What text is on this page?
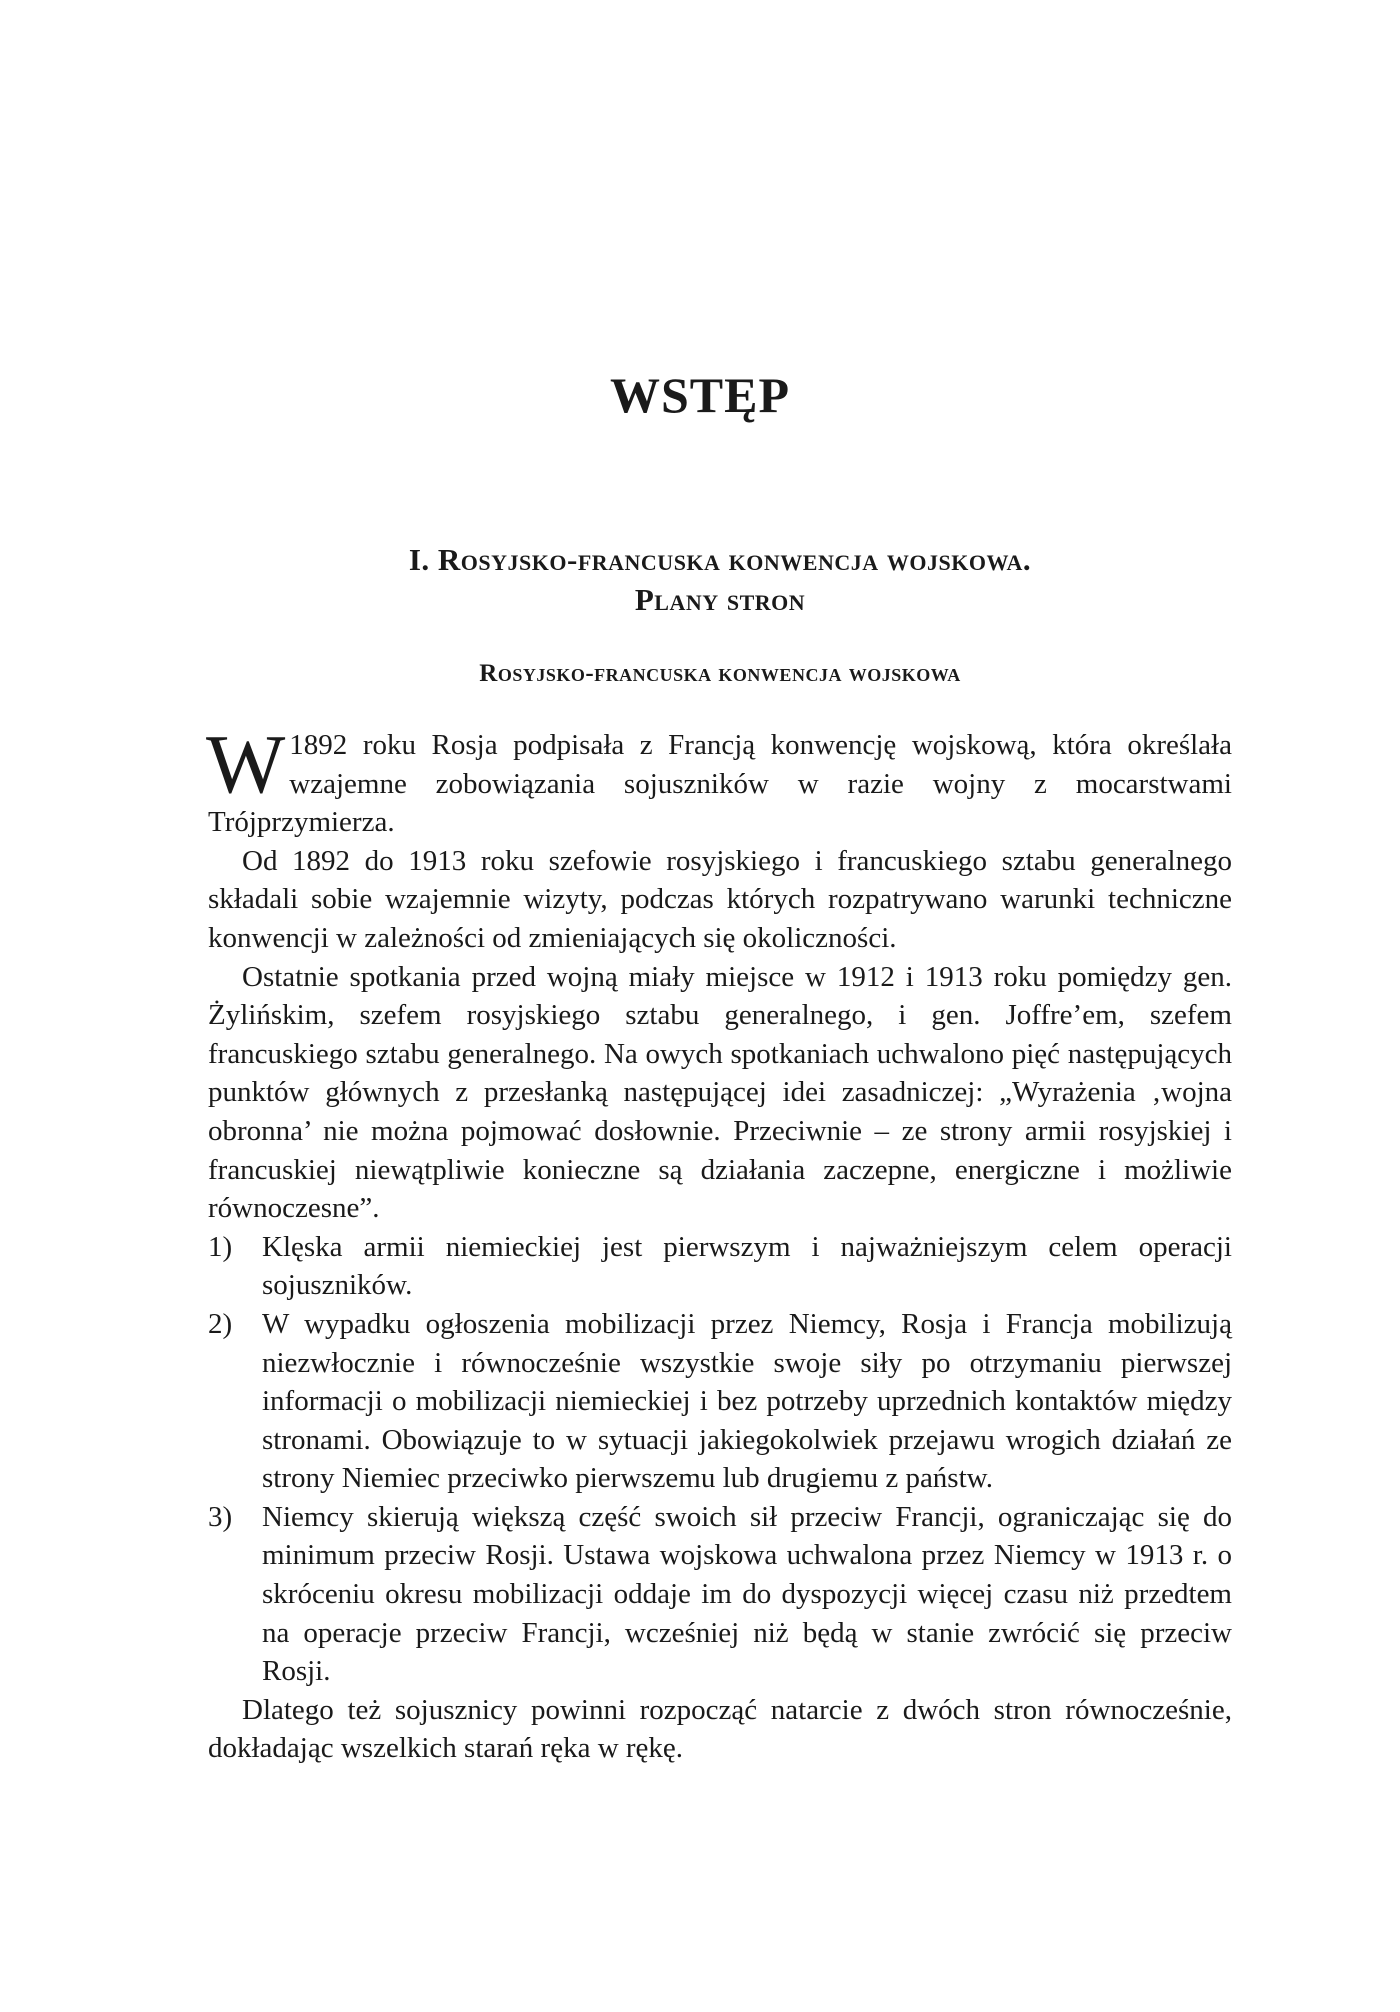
WSTĘP
I. Rosyjsko-francuska konwencja wojskowa.
Plany stron
Rosyjsko-francuska konwencja wojskowa

W 1892 roku Rosja podpisała z Francją konwencję wojskową, która określała wzajemne zobowiązania sojuszników w razie wojny z mocarstwami Trójprzymierza.

Od 1892 do 1913 roku szefowie rosyjskiego i francuskiego sztabu generalnego składali sobie wzajemnie wizyty, podczas których rozpatrywano warunki techniczne konwencji w zależności od zmieniających się okoliczności.

Ostatnie spotkania przed wojną miały miejsce w 1912 i 1913 roku pomiędzy gen. Żylińskim, szefem rosyjskiego sztabu generalnego, i gen. Joffre’em, szefem francuskiego sztabu generalnego. Na owych spotkaniach uchwalono pięć następujących punktów głównych z przesłanką następującej idei zasadniczej: „Wyrażenia ‚wojna obronna’ nie można pojmować dosłownie. Przeciwnie – ze strony armii rosyjskiej i francuskiej niewątpliwie konieczne są działania zaczepne, energiczne i możliwie równoczesne”.

1) Klęska armii niemieckiej jest pierwszym i najważniejszym celem operacji sojuszników.
2) W wypadku ogłoszenia mobilizacji przez Niemcy, Rosja i Francja mobilizują niezwłocznie i równocześnie wszystkie swoje siły po otrzymaniu pierwszej informacji o mobilizacji niemieckiej i bez potrzeby uprzednich kontaktów między stronami. Obowiązuje to w sytuacji jakiegokolwiek przejawu wrogich działań ze strony Niemiec przeciwko pierwszemu lub drugiemu z państw.
3) Niemcy skierują większą część swoich sił przeciw Francji, ograniczając się do minimum przeciw Rosji. Ustawa wojskowa uchwalona przez Niemcy w 1913 r. o skróceniu okresu mobilizacji oddaje im do dyspozycji więcej czasu niż przedtem na operacje przeciw Francji, wcześniej niż będą w stanie zwrócić się przeciw Rosji.

Dlatego też sojusznicy powinni rozpocząć natarcie z dwóch stron równocześnie, dokładając wszelkich starań ręka w rękę.
